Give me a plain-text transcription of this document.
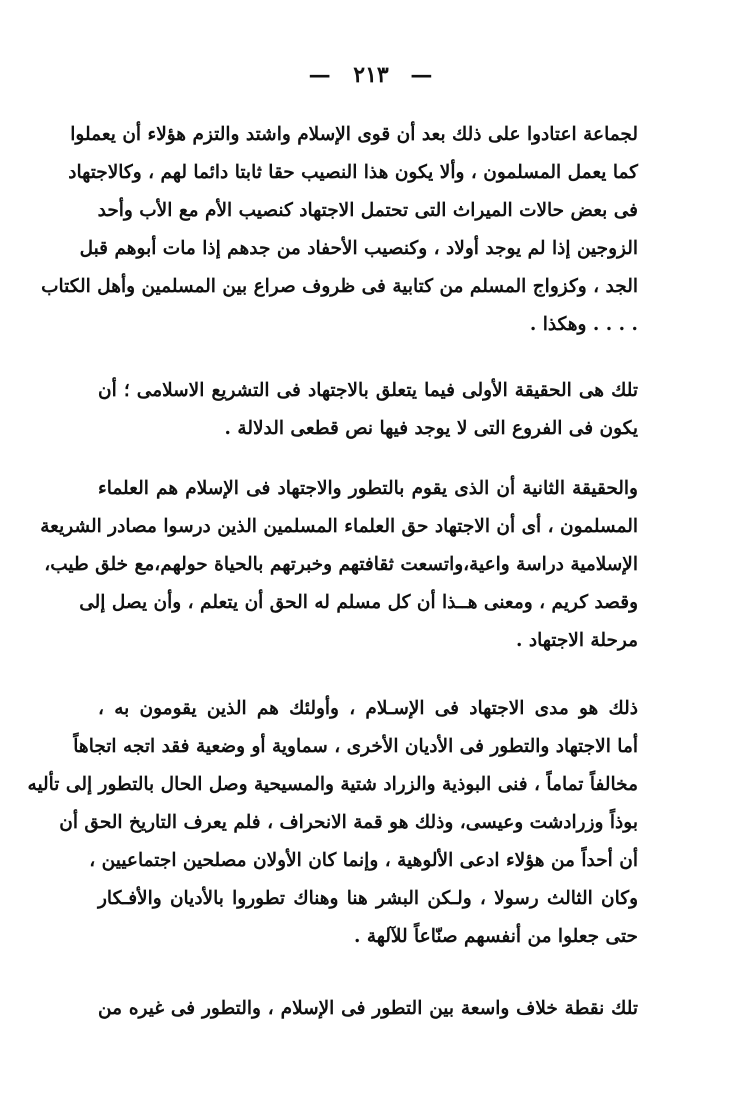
— ٢١٣ —
لجماعة اعتادوا على ذلك بعد أن قوى الإسلام واشتد والتزم هؤلاء أن يعملوا
كما يعمل المسلمون ، وألا يكون هذا النصيب حقا ثابتا دائما لهم ، وكالاجتهاد
فى بعض حالات الميراث التى تحتمل الاجتهاد كنصيب الأم مع الأب وأحد
الزوجين إذا لم يوجد أولاد ، وكنصيب الأحفاد من جدهم إذا مات أبوهم قبل
الجد ، وكزواج المسلم من كتابية فى ظروف صراع بين المسلمين وأهل الكتاب
. . . . وهكذا .
تلك هى الحقيقة الأولى فيما يتعلق بالاجتهاد فى التشريع الاسلامى ؛ أن
يكون فى الفروع التى لا يوجد فيها نص قطعى الدلالة .
والحقيقة الثانية أن الذى يقوم بالتطور والاجتهاد فى الإسلام هم العلماء
المسلمون ، أى أن الاجتهاد حق العلماء المسلمين الذين درسوا مصادر الشريعة
الإسلامية دراسة واعية،واتسعت ثقافتهم وخبرتهم بالحياة حولهم،مع خلق طيب،
وقصد كريم ، ومعنى هــذا أن كل مسلم له الحق أن يتعلم ، وأن يصل إلى
مرحلة الاجتهاد .
ذلك هو مدى الاجتهاد فى الإسـلام ، وأولئك هم الذين يقومون به ،
أما الاجتهاد والتطور فى الأديان الأخرى ، سماوية أو وضعية فقد اتجه اتجاهاً
مخالفاً تماماً ، فنى البوذية والزراد شتية والمسيحية وصل الحال بالتطور إلى تأليه
بوذاً وزرادشت وعيسى، وذلك هو قمة الانحراف ، فلم يعرف التاريخ الحق أن
أن أحداً من هؤلاء ادعى الألوهية ، وإنما كان الأولان مصلحين اجتماعيين ،
وكان الثالث رسولا ، ولـكن البشر هنا وهناك تطوروا بالأديان والأفـكار
حتى جعلوا من أنفسهم صنّاعاً للآلهة .
تلك نقطة خلاف واسعة بين التطور فى الإسلام ، والتطور فى غيره من
